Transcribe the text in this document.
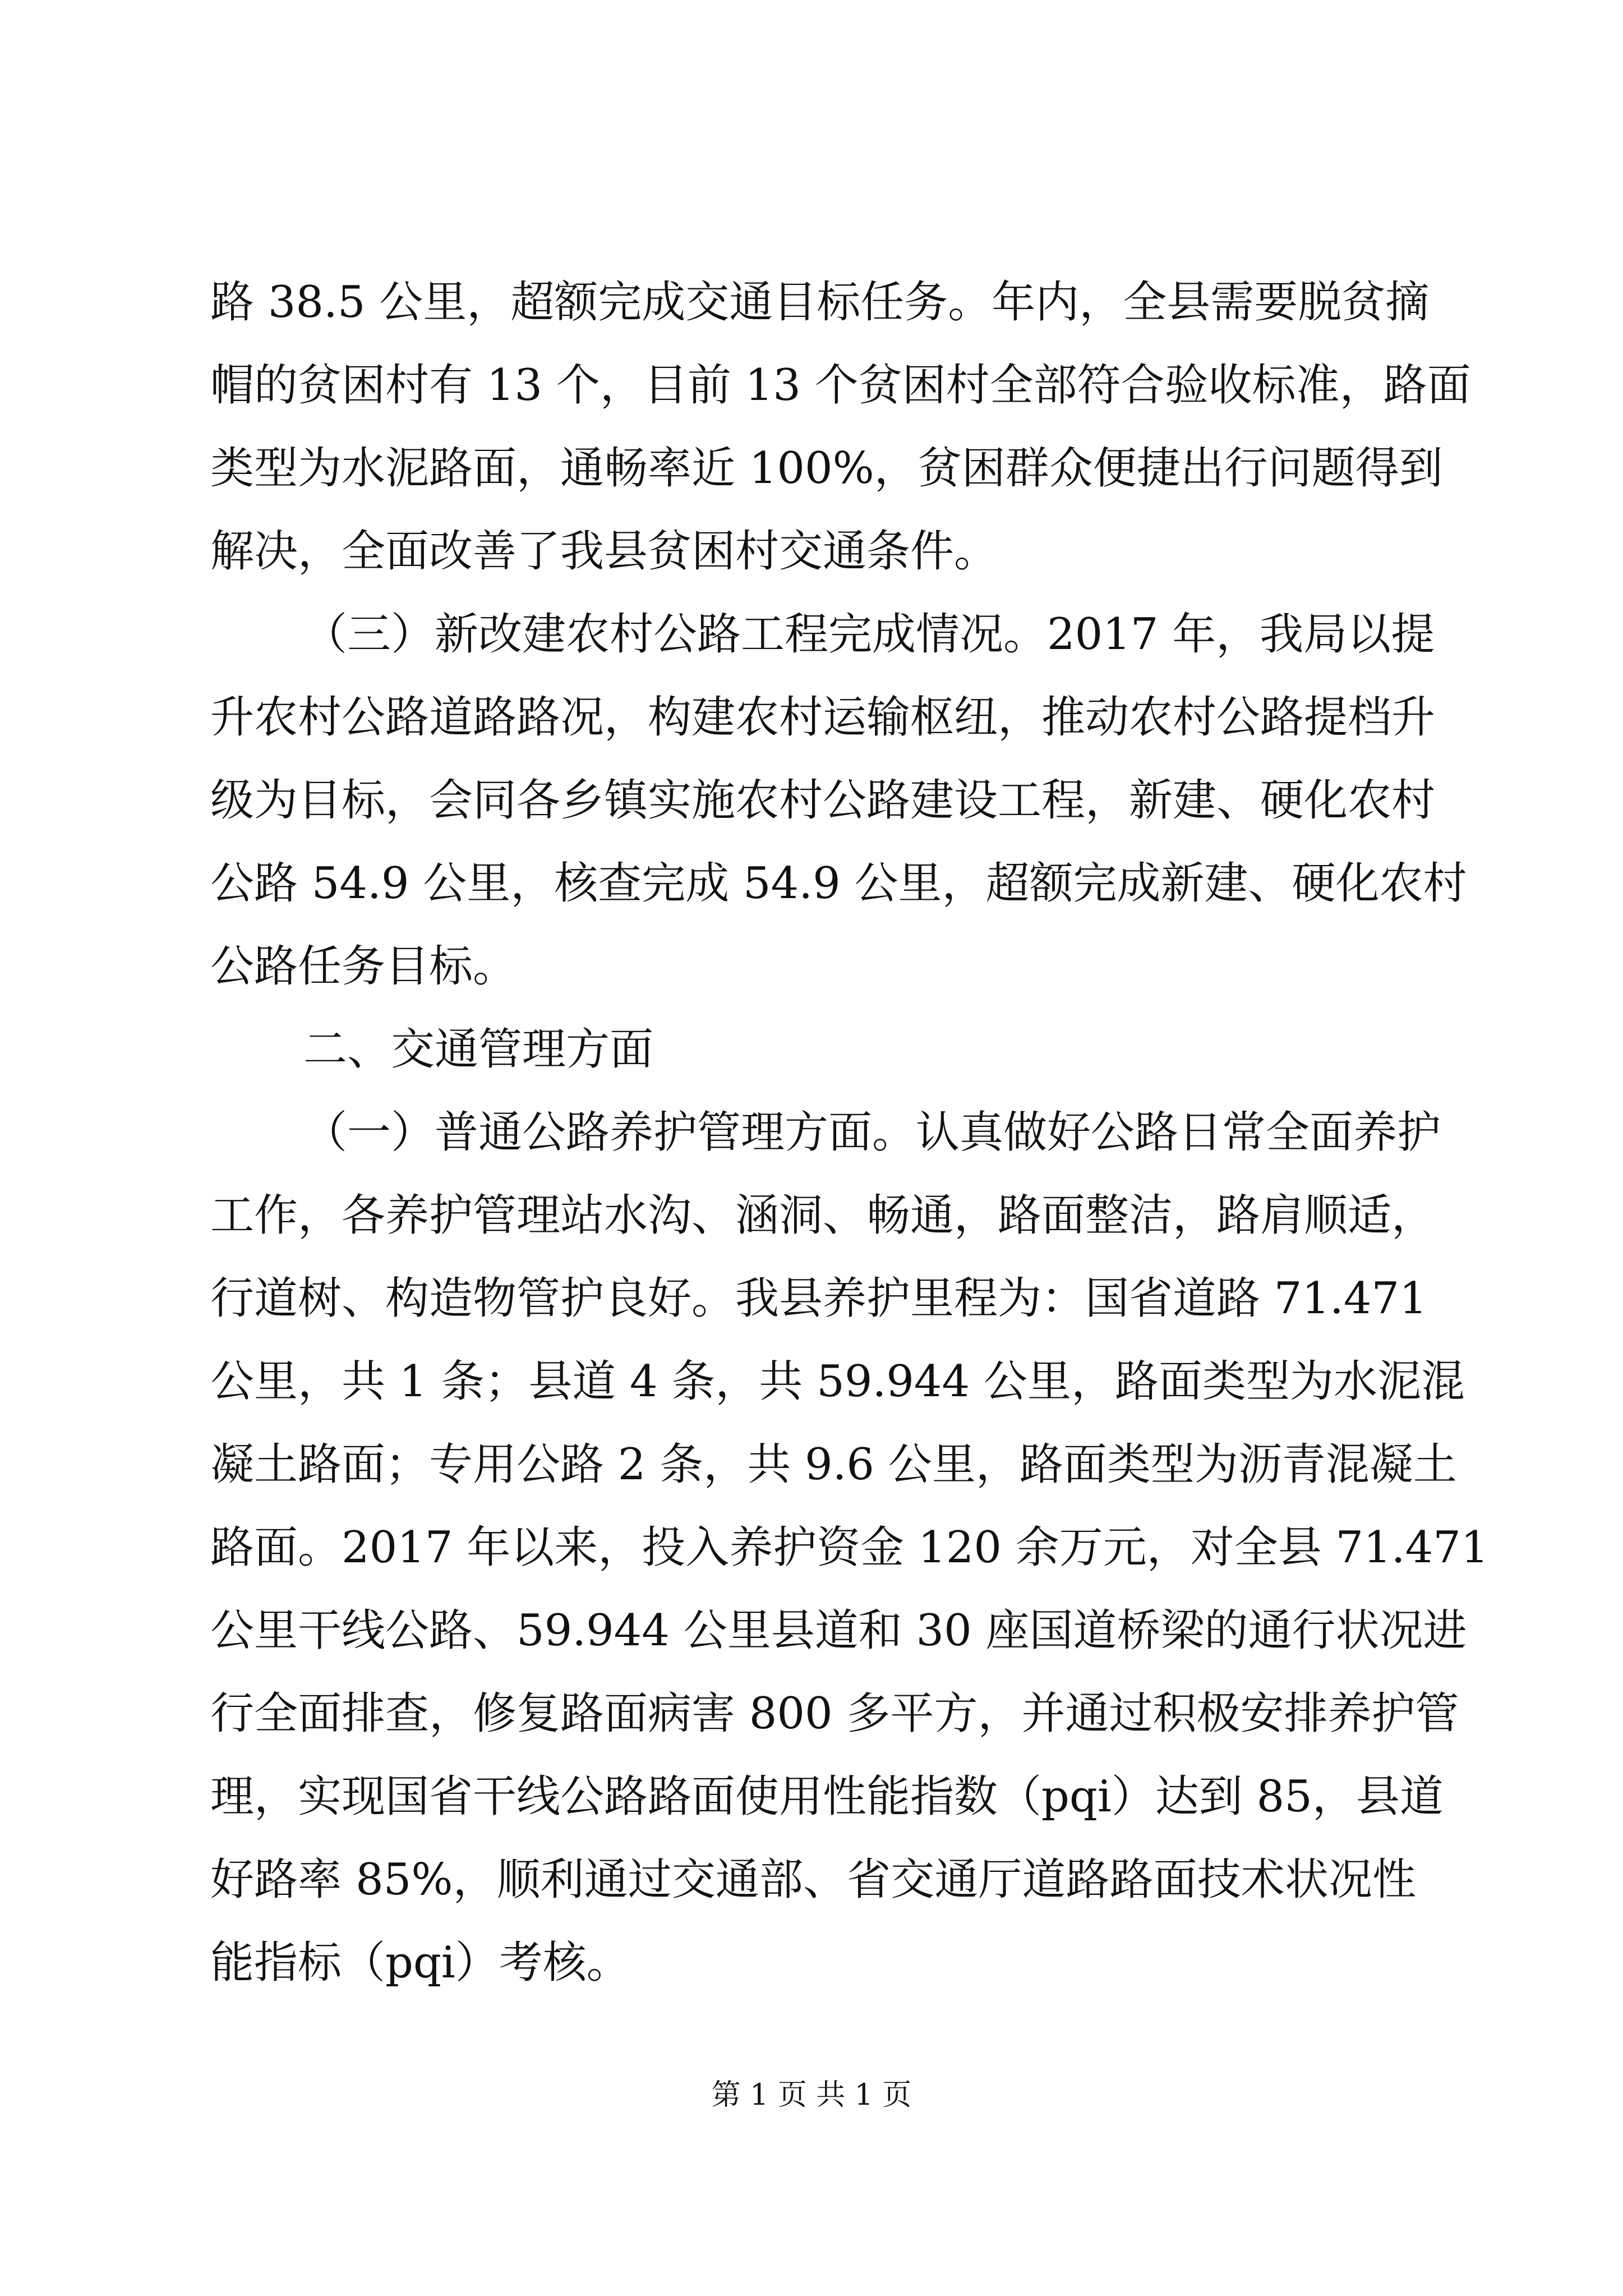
路 38.5 公里，超额完成交通目标任务。年内，全县需要脱贫摘
帽的贫困村有 13 个，目前 13 个贫困村全部符合验收标准，路面
类型为水泥路面，通畅率近 100%，贫困群众便捷出行问题得到
解决，全面改善了我县贫困村交通条件。
（三）新改建农村公路工程完成情况。2017 年，我局以提
升农村公路道路路况，构建农村运输枢纽，推动农村公路提档升
级为目标，会同各乡镇实施农村公路建设工程，新建、硬化农村
公路 54.9 公里，核查完成 54.9 公里，超额完成新建、硬化农村
公路任务目标。
二、交通管理方面
（一）普通公路养护管理方面。认真做好公路日常全面养护
工作，各养护管理站水沟、涵洞、畅通，路面整洁，路肩顺适，
行道树、构造物管护良好。我县养护里程为：国省道路 71.471
公里，共 1 条；县道 4 条，共 59.944 公里，路面类型为水泥混
凝土路面；专用公路 2 条，共 9.6 公里，路面类型为沥青混凝土
路面。2017 年以来，投入养护资金 120 余万元，对全县 71.471
公里干线公路、59.944 公里县道和 30 座国道桥梁的通行状况进
行全面排查，修复路面病害 800 多平方，并通过积极安排养护管
理，实现国省干线公路路面使用性能指数（pqi）达到 85，县道
好路率 85%，顺利通过交通部、省交通厅道路路面技术状况性
能指标（pqi）考核。
第 1 页 共 1 页
